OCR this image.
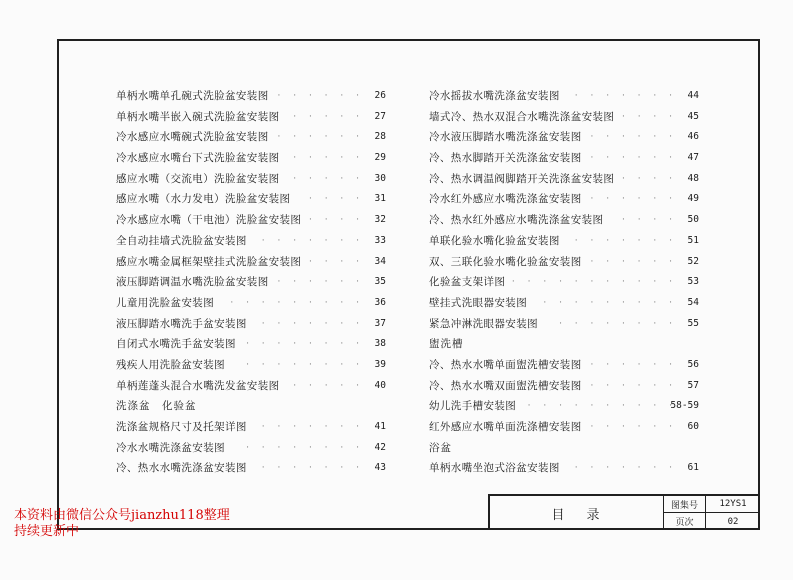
单柄水嘴单孔碗式洗脸盆安装图 · · · · · · 26
单柄水嘴半嵌入碗式洗脸盆安装图 · · · · · 27
冷水感应水嘴碗式洗脸盆安装图 · · · · · · 28
冷水感应水嘴台下式洗脸盆安装图 · · · · · 29
感应水嘴（交流电）洗脸盆安装图 · · · · · 30
感应水嘴（水力发电）洗脸盆安装图 · · · · 31
冷水感应水嘴（干电池）洗脸盆安装图 · · · · 32
全自动挂墙式洗脸盆安装图 · · · · · · · 33
感应水嘴金属框架壁挂式洗脸盆安装图 · · · · 34
液压脚踏调温水嘴洗脸盆安装图 · · · · · · 35
儿童用洗脸盆安装图 · · · · · · · · · 36
液压脚踏水嘴洗手盆安装图 · · · · · · · 37
自闭式水嘴洗手盆安装图 · · · · · · · · 38
残疾人用洗脸盆安装图 · · · · · · · · 39
单柄莲蓬头混合水嘴洗发盆安装图 · · · · · 40
洗涤盆　化验盆
洗涤盆规格尺寸及托架详图 · · · · · · · 41
冷水水嘴洗涤盆安装图 · · · · · · · · 42
冷、热水水嘴洗涤盆安装图 · · · · · · · 43
冷水摇拔水嘴洗涤盆安装图 · · · · · · · 44
墙式冷、热水双混合水嘴洗涤盆安装图 · · · · 45
冷水液压脚踏水嘴洗涤盆安装图 · · · · · · 46
冷、热水脚踏开关洗涤盆安装图 · · · · · · 47
冷、热水调温阀脚踏开关洗涤盆安装图 · · · · 48
冷水红外感应水嘴洗涤盆安装图 · · · · · · 49
冷、热水红外感应水嘴洗涤盆安装图 · · · · 50
单联化验水嘴化验盆安装图 · · · · · · · 51
双、三联化验水嘴化验盆安装图 · · · · · · 52
化验盆支架详图 · · · · · · · · · · · 53
壁挂式洗眼器安装图 · · · · · · · · · 54
紧急冲淋洗眼器安装图 · · · · · · · · 55
盥洗槽
冷、热水水嘴单面盥洗槽安装图 · · · · · · 56
冷、热水水嘴双面盥洗槽安装图 · · · · · · 57
幼儿洗手槽安装图 · · · · · · · · · ·
58-59
红外感应水嘴单面洗涤槽安装图 · · · · · · 60
浴盆
单柄水嘴坐泡式浴盆安装图 · · · · · · · 61
目录
图集号	12YS1
页次	02
本资料由微信公众号jianzhu118整理
持续更新中
